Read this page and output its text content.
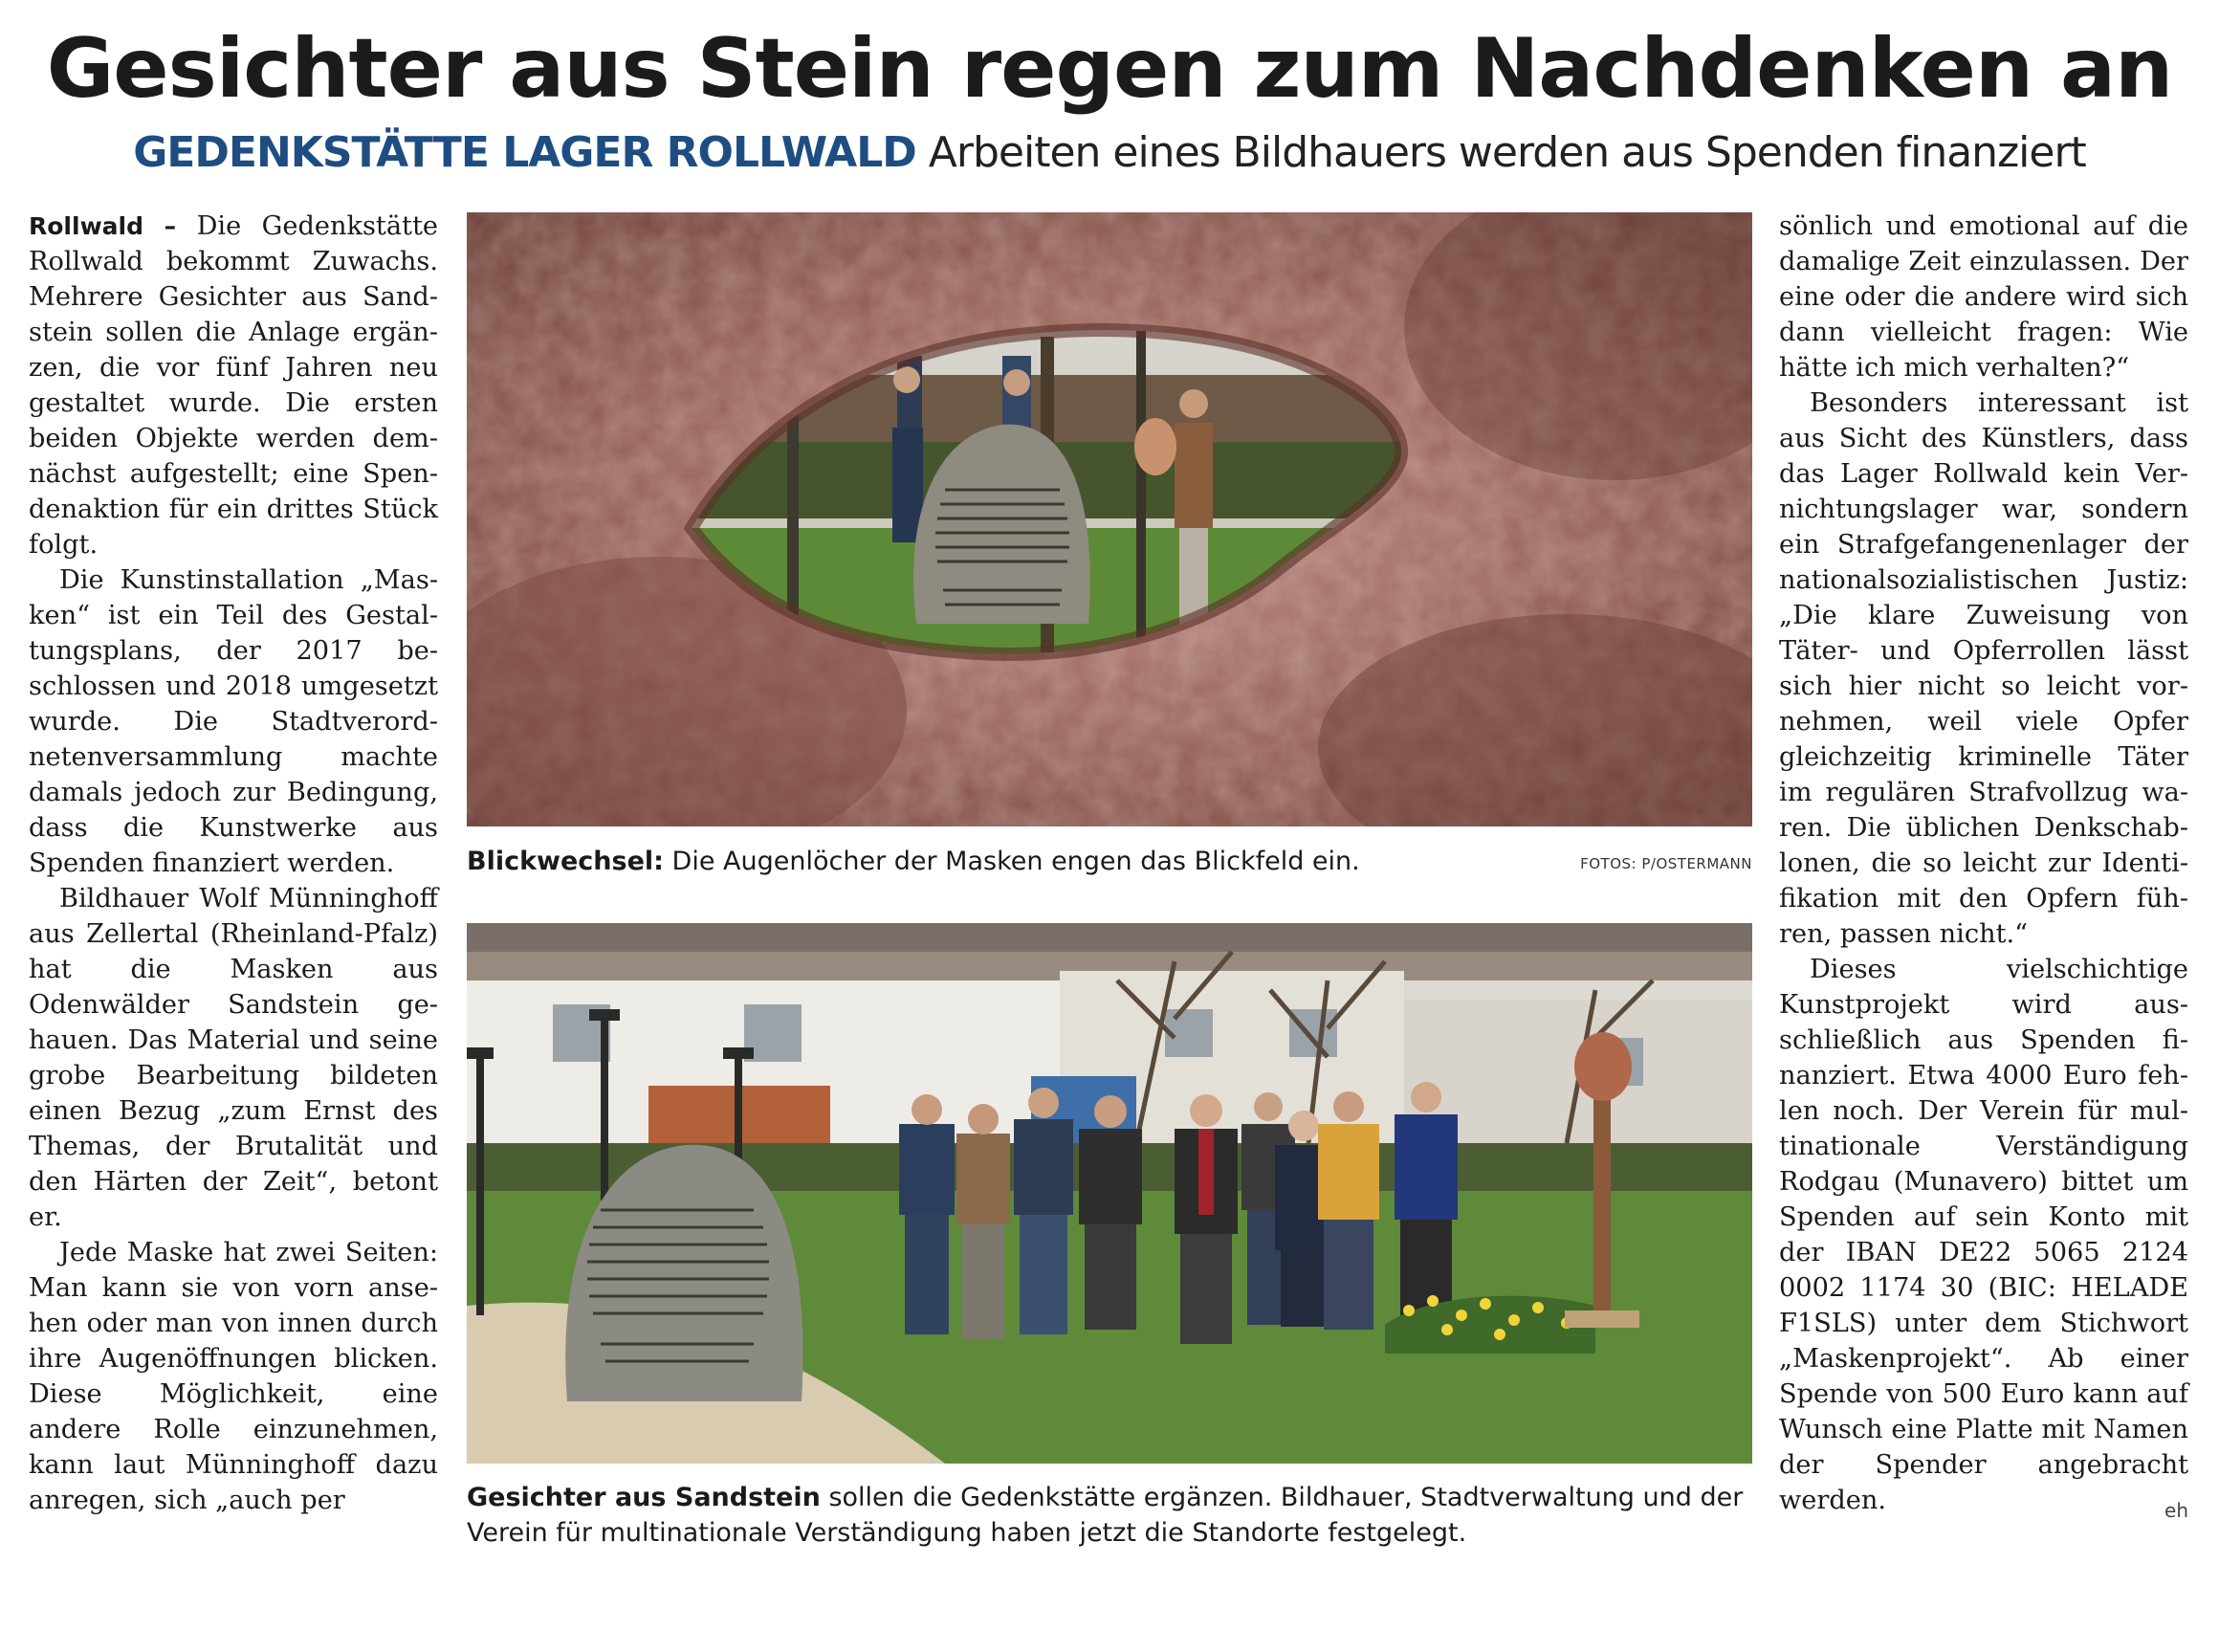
Gesichter aus Stein regen zum Nachdenken an
GEDENKSTÄTTE LAGER ROLLWALD Arbeiten eines Bildhauers werden aus Spenden finanziert

Rollwald – Die Gedenkstätte Rollwald bekommt Zuwachs. Mehrere Gesichter aus Sandstein sollen die Anlage ergänzen, die vor fünf Jahren neu gestaltet wurde. Die ersten beiden Objekte werden demnächst aufgestellt; eine Spendenaktion für ein drittes Stück folgt.

Die Kunstinstallation „Masken“ ist ein Teil des Gestaltungsplans, der 2017 beschlossen und 2018 umgesetzt wurde. Die Stadtverordnetenversammlung machte damals jedoch zur Bedingung, dass die Kunstwerke aus Spenden finanziert werden.

Bildhauer Wolf Münninghoff aus Zellertal (Rheinland-Pfalz) hat die Masken aus Odenwälder Sandstein gehauen. Das Material und seine grobe Bearbeitung bildeten einen Bezug „zum Ernst des Themas, der Brutalität und den Härten der Zeit“, betont er.

Jede Maske hat zwei Seiten: Man kann sie von vorn ansehen oder man von innen durch ihre Augenöffnungen blicken. Diese Möglichkeit, eine andere Rolle einzunehmen, kann laut Münninghoff dazu anregen, sich „auch per

Blickwechsel: Die Augenlöcher der Masken engen das Blickfeld ein.	FOTOS: P/OSTERMANN
Gesichter aus Sandstein sollen die Gedenkstätte ergänzen. Bildhauer, Stadtverwaltung und der Verein für multinationale Verständigung haben jetzt die Standorte festgelegt.

sönlich und emotional auf die damalige Zeit einzulassen. Der eine oder die andere wird sich dann vielleicht fragen: Wie hätte ich mich verhalten?“

Besonders interessant ist aus Sicht des Künstlers, dass das Lager Rollwald kein Vernichtungslager war, sondern ein Strafgefangenenlager der nationalsozialistischen Justiz: „Die klare Zuweisung von Täter- und Opferrollen lässt sich hier nicht so leicht vornehmen, weil viele Opfer gleichzeitig kriminelle Täter im regulären Strafvollzug waren. Die üblichen Denkschablonen, die so leicht zur Identifikation mit den Opfern führen, passen nicht.“

Dieses vielschichtige Kunstprojekt wird ausschließlich aus Spenden finanziert. Etwa 4000 Euro fehlen noch. Der Verein für multinationale Verständigung Rodgau (Munavero) bittet um Spenden auf sein Konto mit der IBAN DE22 5065 2124 0002 1174 30 (BIC: HELADE F1SLS) unter dem Stichwort „Maskenprojekt“. Ab einer Spende von 500 Euro kann auf Wunsch eine Platte mit Namen der Spender angebracht werden.	eh
